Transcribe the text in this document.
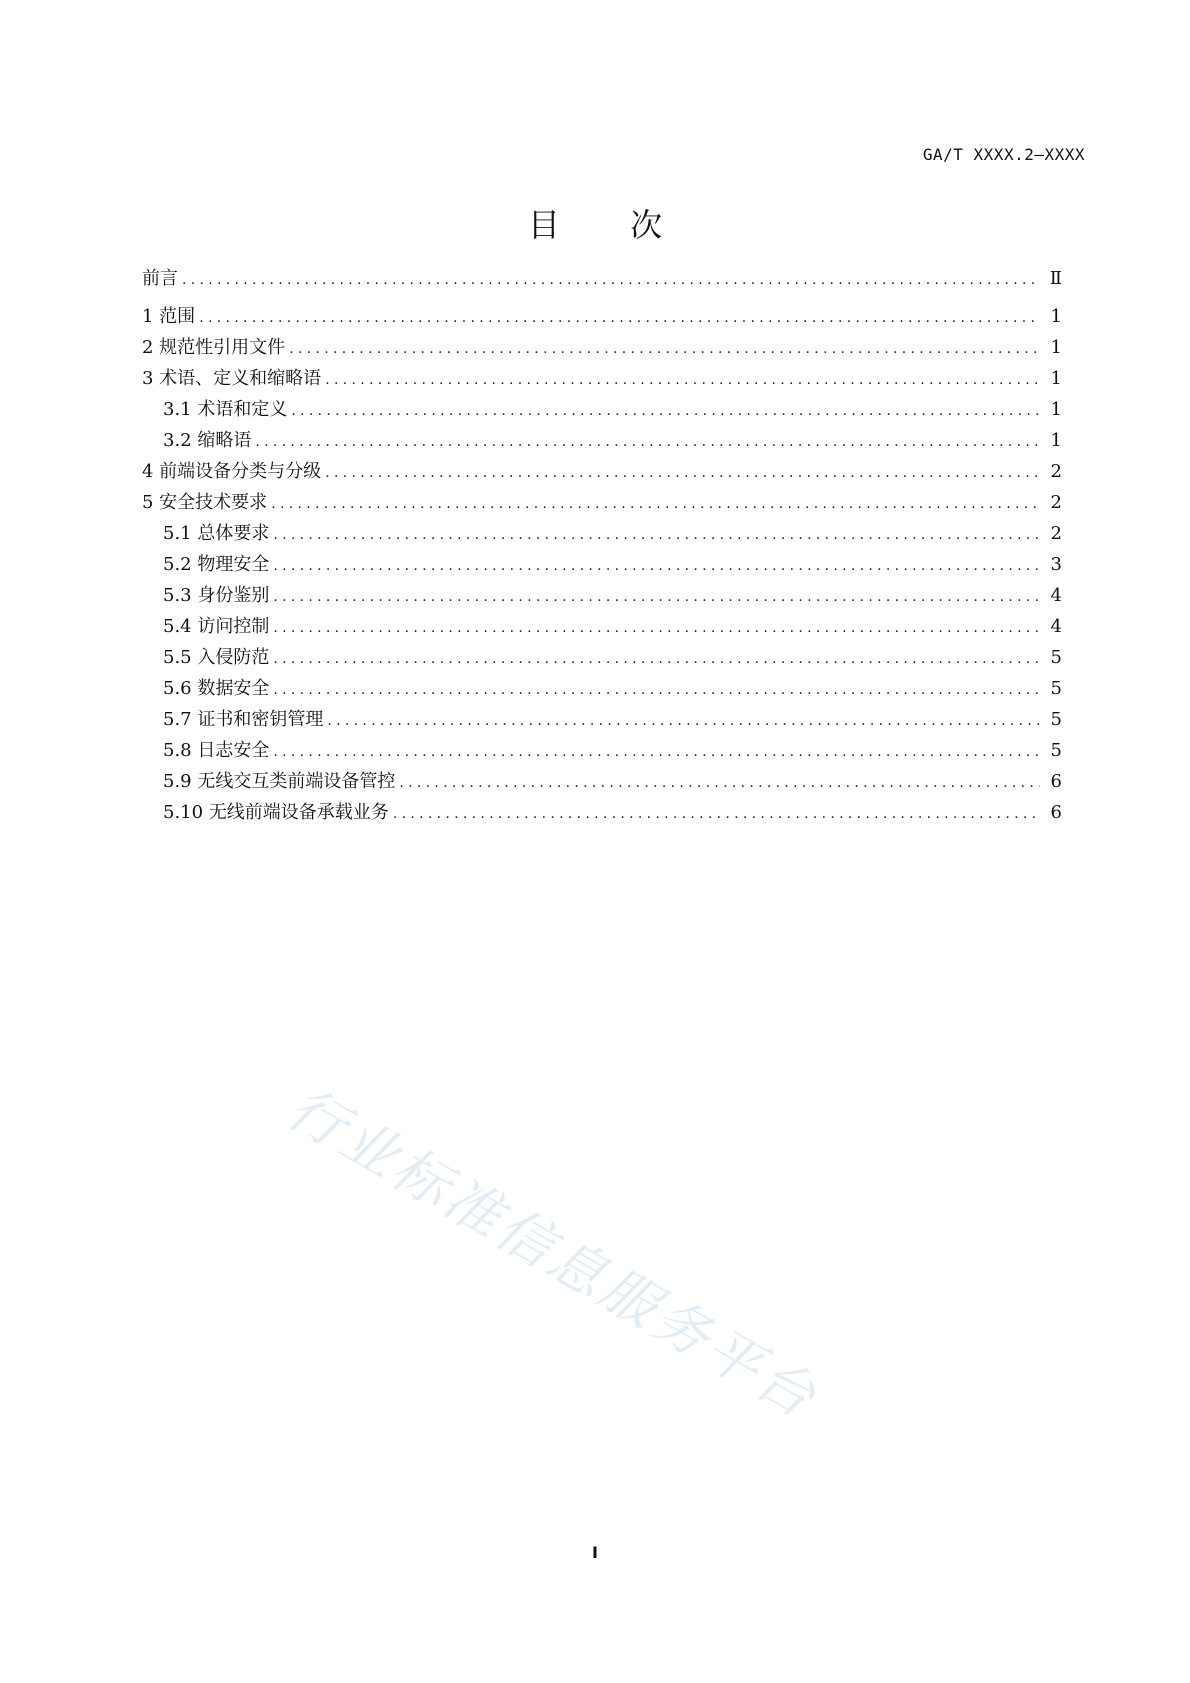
GA/T XXXX.2—XXXX
目 次
前言 .....	Ⅱ
1 范围 .....	1
2 规范性引用文件 .....	1
3 术语、定义和缩略语 .....	1
3.1 术语和定义 .....	1
3.2 缩略语 .....	1
4 前端设备分类与分级 .....	2
5 安全技术要求 .....	2
5.1 总体要求 .....	2
5.2 物理安全 .....	3
5.3 身份鉴别 .....	4
5.4 访问控制 .....	4
5.5 入侵防范 .....	5
5.6 数据安全 .....	5
5.7 证书和密钥管理 .....	5
5.8 日志安全 .....	5
5.9 无线交互类前端设备管控 .....	6
5.10 无线前端设备承载业务 .....	6
行业标准信息服务平台
I
